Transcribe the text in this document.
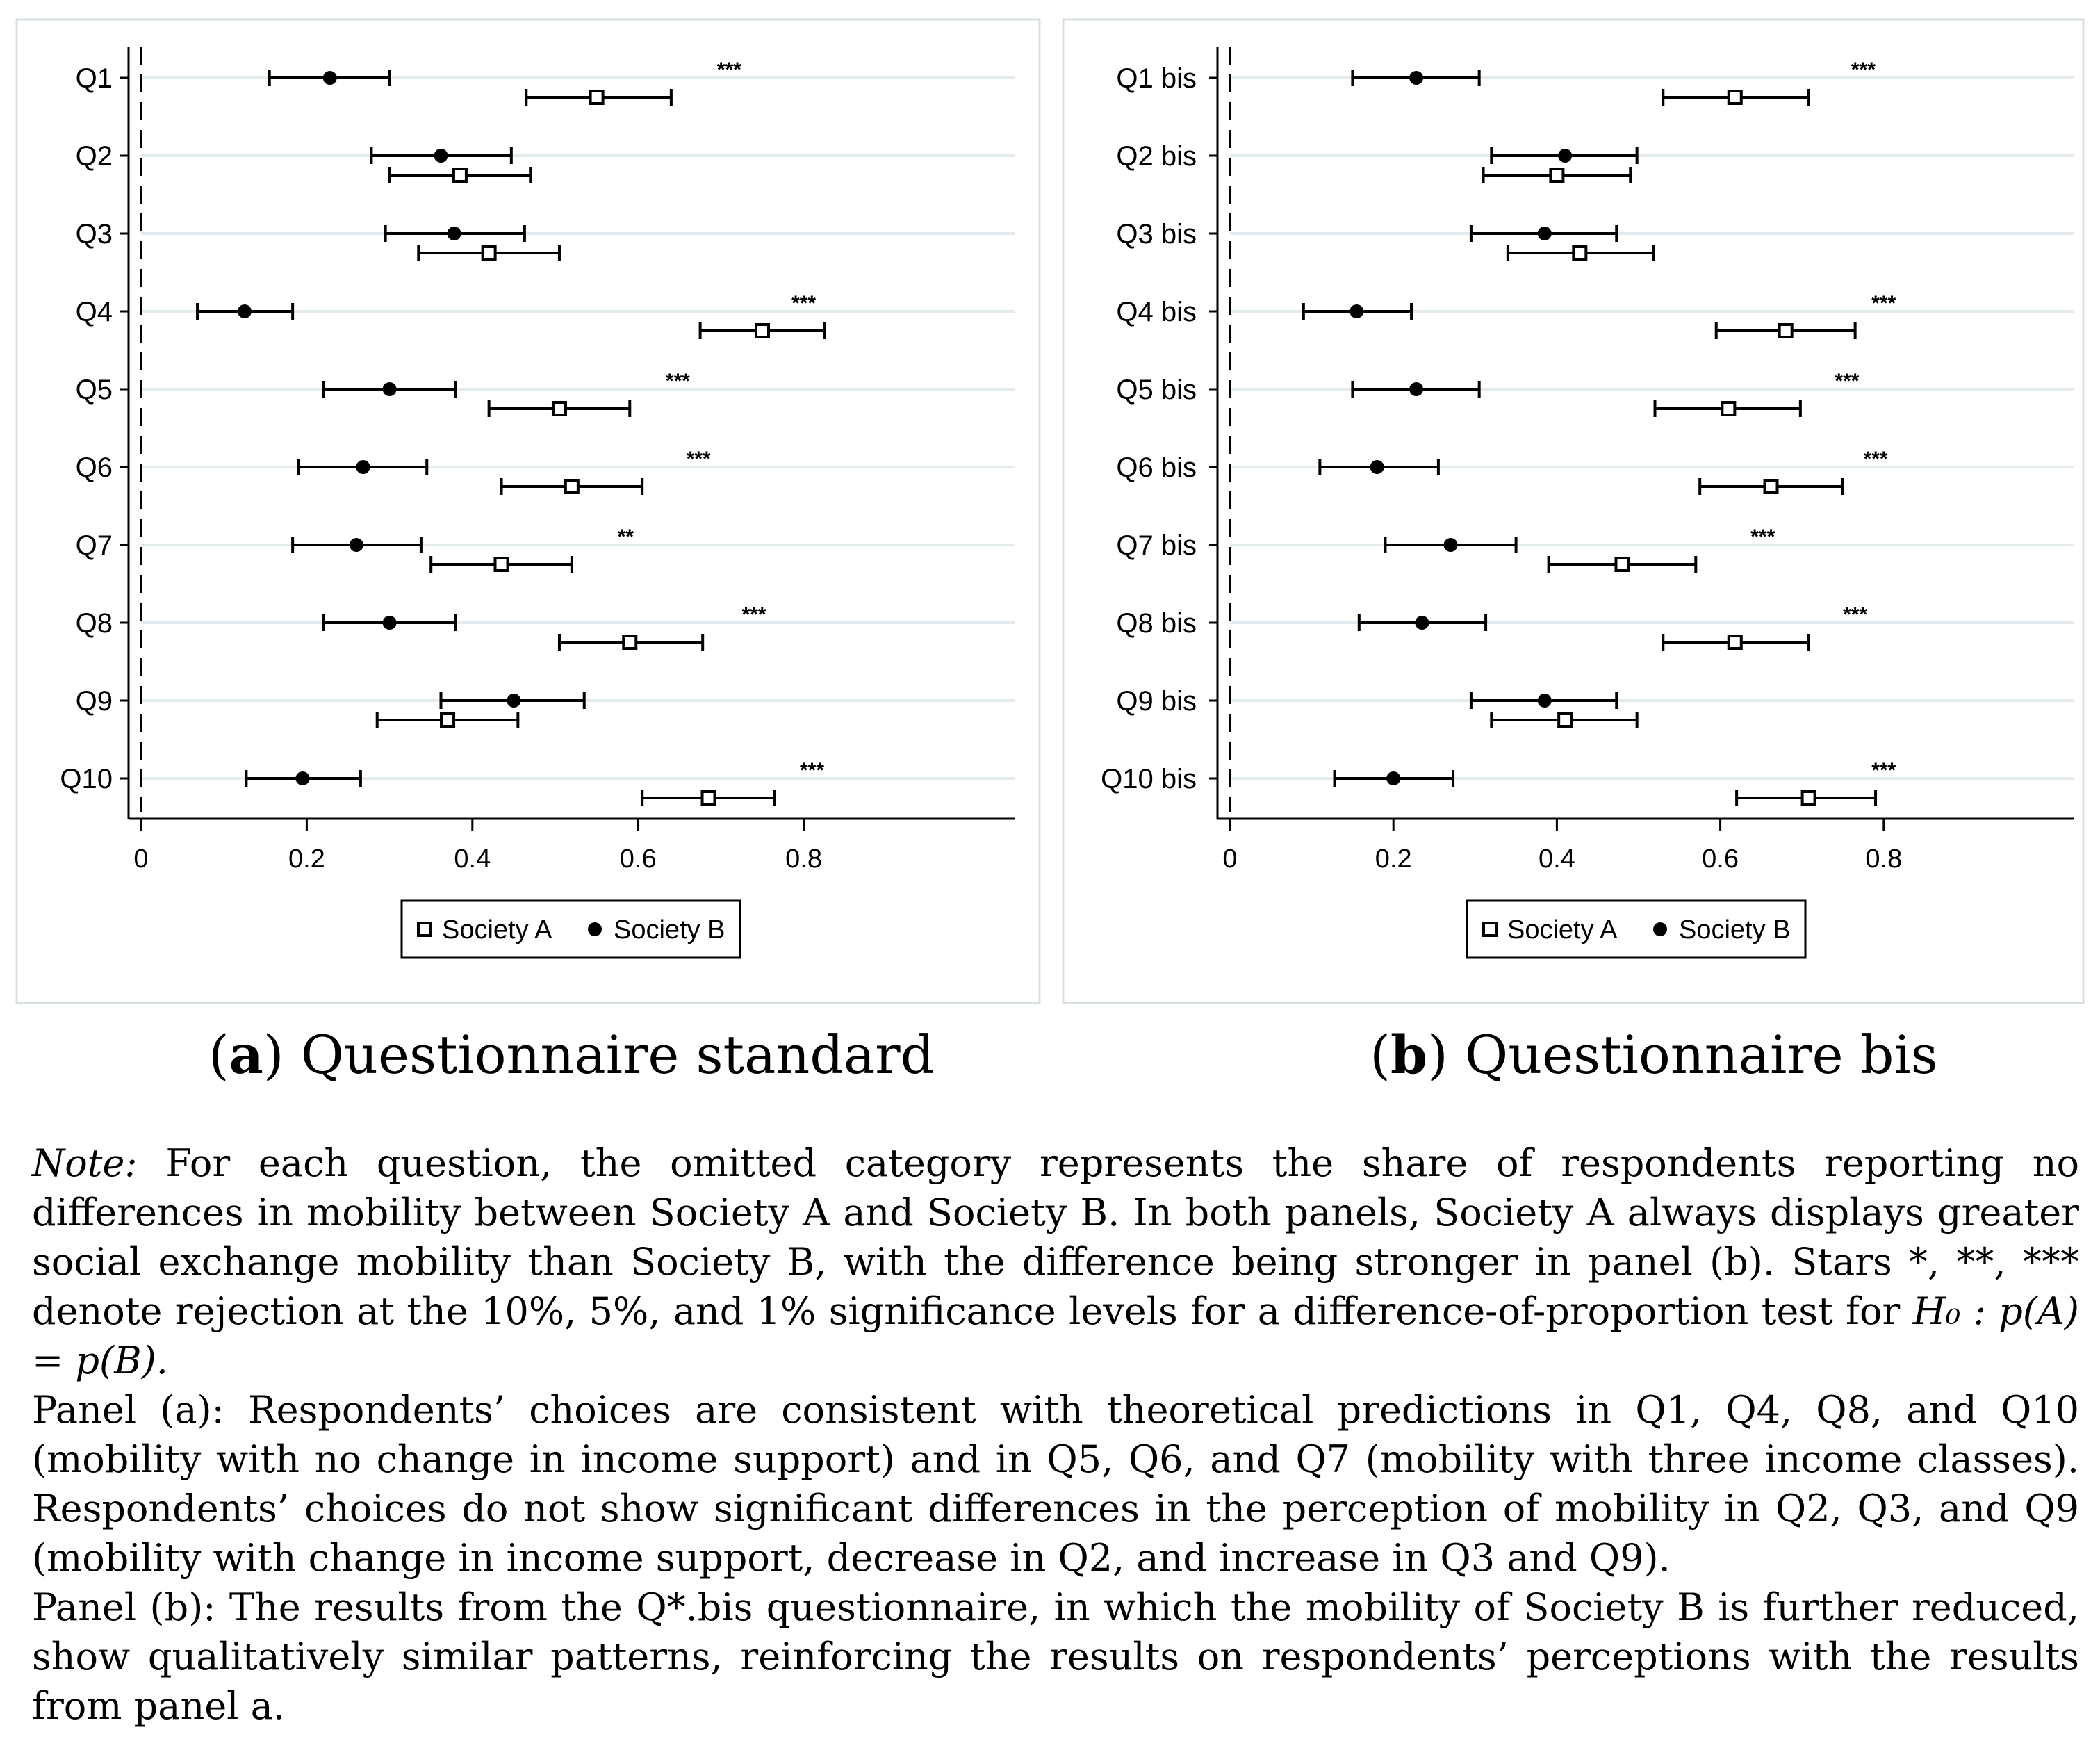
Q1
Q2
Q3
Q4
Q5
Q6
Q7
Q8
Q9
Q10
0	0.2	0.4	0.6	0.8
***
***
***
***
**
***
***
Society A Society B
Q1 bis
Q2 bis
Q3 bis
Q4 bis
Q5 bis
Q6 bis
Q7 bis
Q8 bis
Q9 bis
Q10 bis
0	0.2	0.4	0.6	0.8
***
***
***
***
***
***
***
Society A Society B
(a) Questionnaire standard	(b) Questionnaire bis

Note: For each question, the omitted category represents the share of respondents reporting no differences in mobility between Society A and Society B. In both panels, Society A always displays greater social exchange mobility than Society B, with the difference being stronger in panel (b). Stars *, **, *** denote rejection at the 10%, 5%, and 1% significance levels for a difference-of-proportion test for H₀ : p(A) = p(B).

Panel (a): Respondents’ choices are consistent with theoretical predictions in Q1, Q4, Q8, and Q10 (mobility with no change in income support) and in Q5, Q6, and Q7 (mobility with three income classes). Respondents’ choices do not show significant differences in the perception of mobility in Q2, Q3, and Q9 (mobility with change in income support, decrease in Q2, and increase in Q3 and Q9).

Panel (b): The results from the Q*.bis questionnaire, in which the mobility of Society B is further reduced, show qualitatively similar patterns, reinforcing the results on respondents’ perceptions with the results from panel a.
